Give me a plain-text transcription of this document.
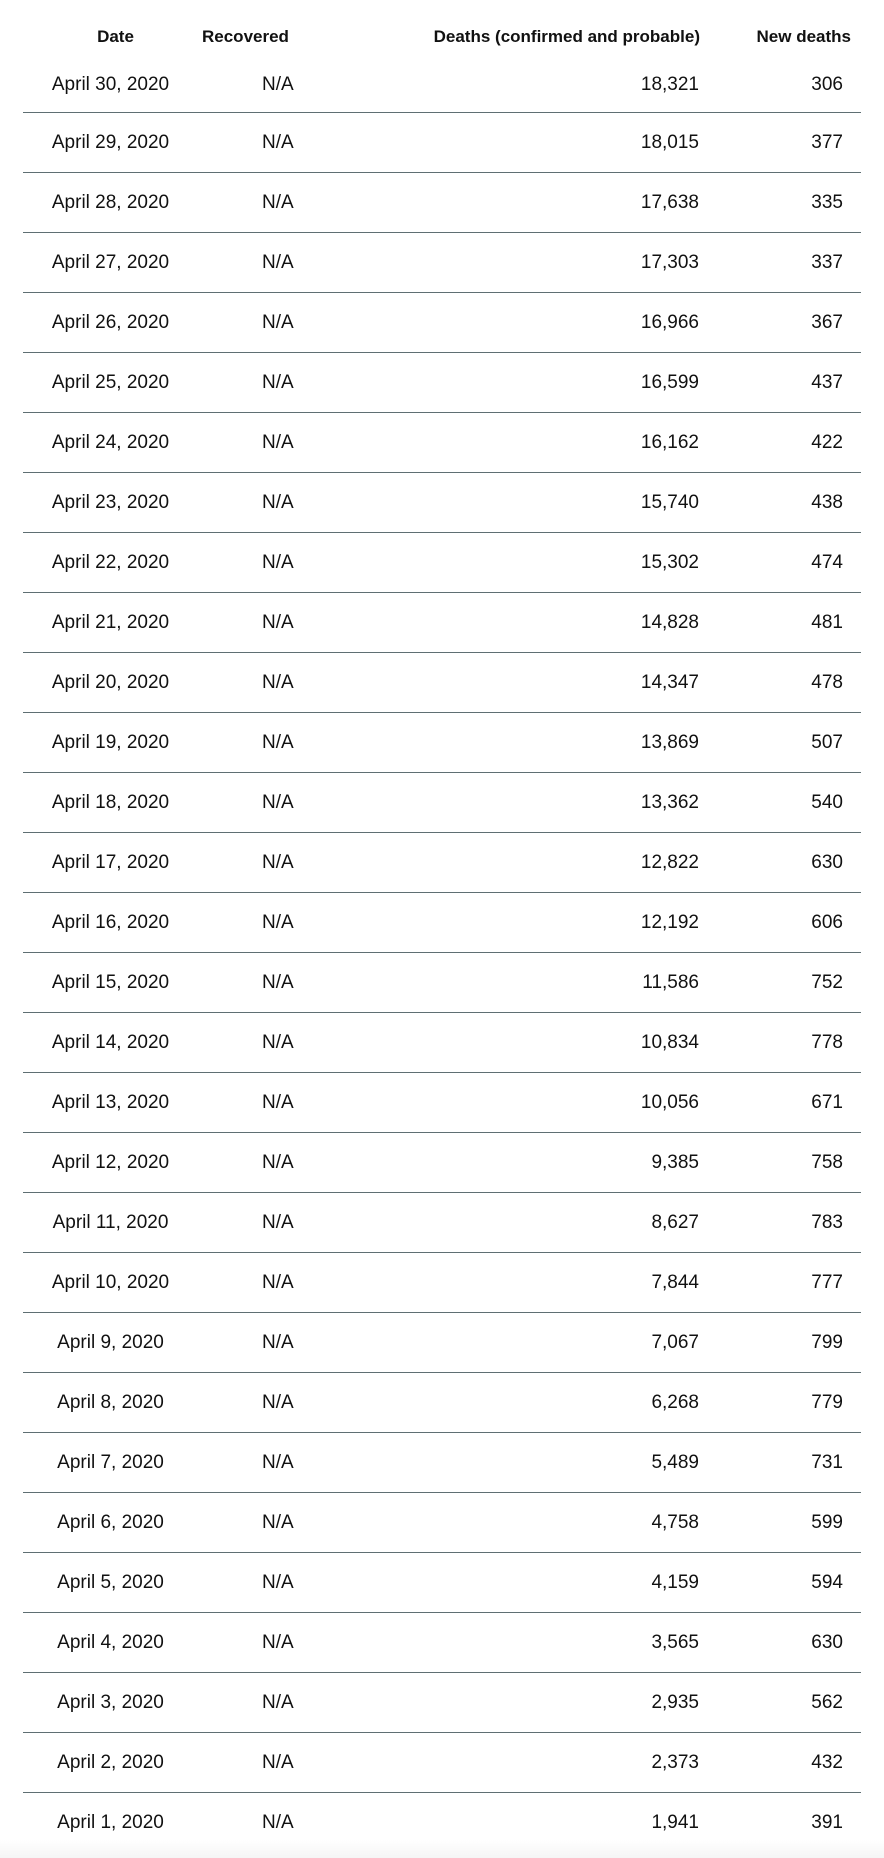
Date	Recovered	Deaths (confirmed and probable)	New deaths
April 30, 2020	N/A	18,321	306
April 29, 2020	N/A	18,015	377
April 28, 2020	N/A	17,638	335
April 27, 2020	N/A	17,303	337
April 26, 2020	N/A	16,966	367
April 25, 2020	N/A	16,599	437
April 24, 2020	N/A	16,162	422
April 23, 2020	N/A	15,740	438
April 22, 2020	N/A	15,302	474
April 21, 2020	N/A	14,828	481
April 20, 2020	N/A	14,347	478
April 19, 2020	N/A	13,869	507
April 18, 2020	N/A	13,362	540
April 17, 2020	N/A	12,822	630
April 16, 2020	N/A	12,192	606
April 15, 2020	N/A	11,586	752
April 14, 2020	N/A	10,834	778
April 13, 2020	N/A	10,056	671
April 12, 2020	N/A	9,385	758
April 11, 2020	N/A	8,627	783
April 10, 2020	N/A	7,844	777
April 9, 2020	N/A	7,067	799
April 8, 2020	N/A	6,268	779
April 7, 2020	N/A	5,489	731
April 6, 2020	N/A	4,758	599
April 5, 2020	N/A	4,159	594
April 4, 2020	N/A	3,565	630
April 3, 2020	N/A	2,935	562
April 2, 2020	N/A	2,373	432
April 1, 2020	N/A	1,941	391
